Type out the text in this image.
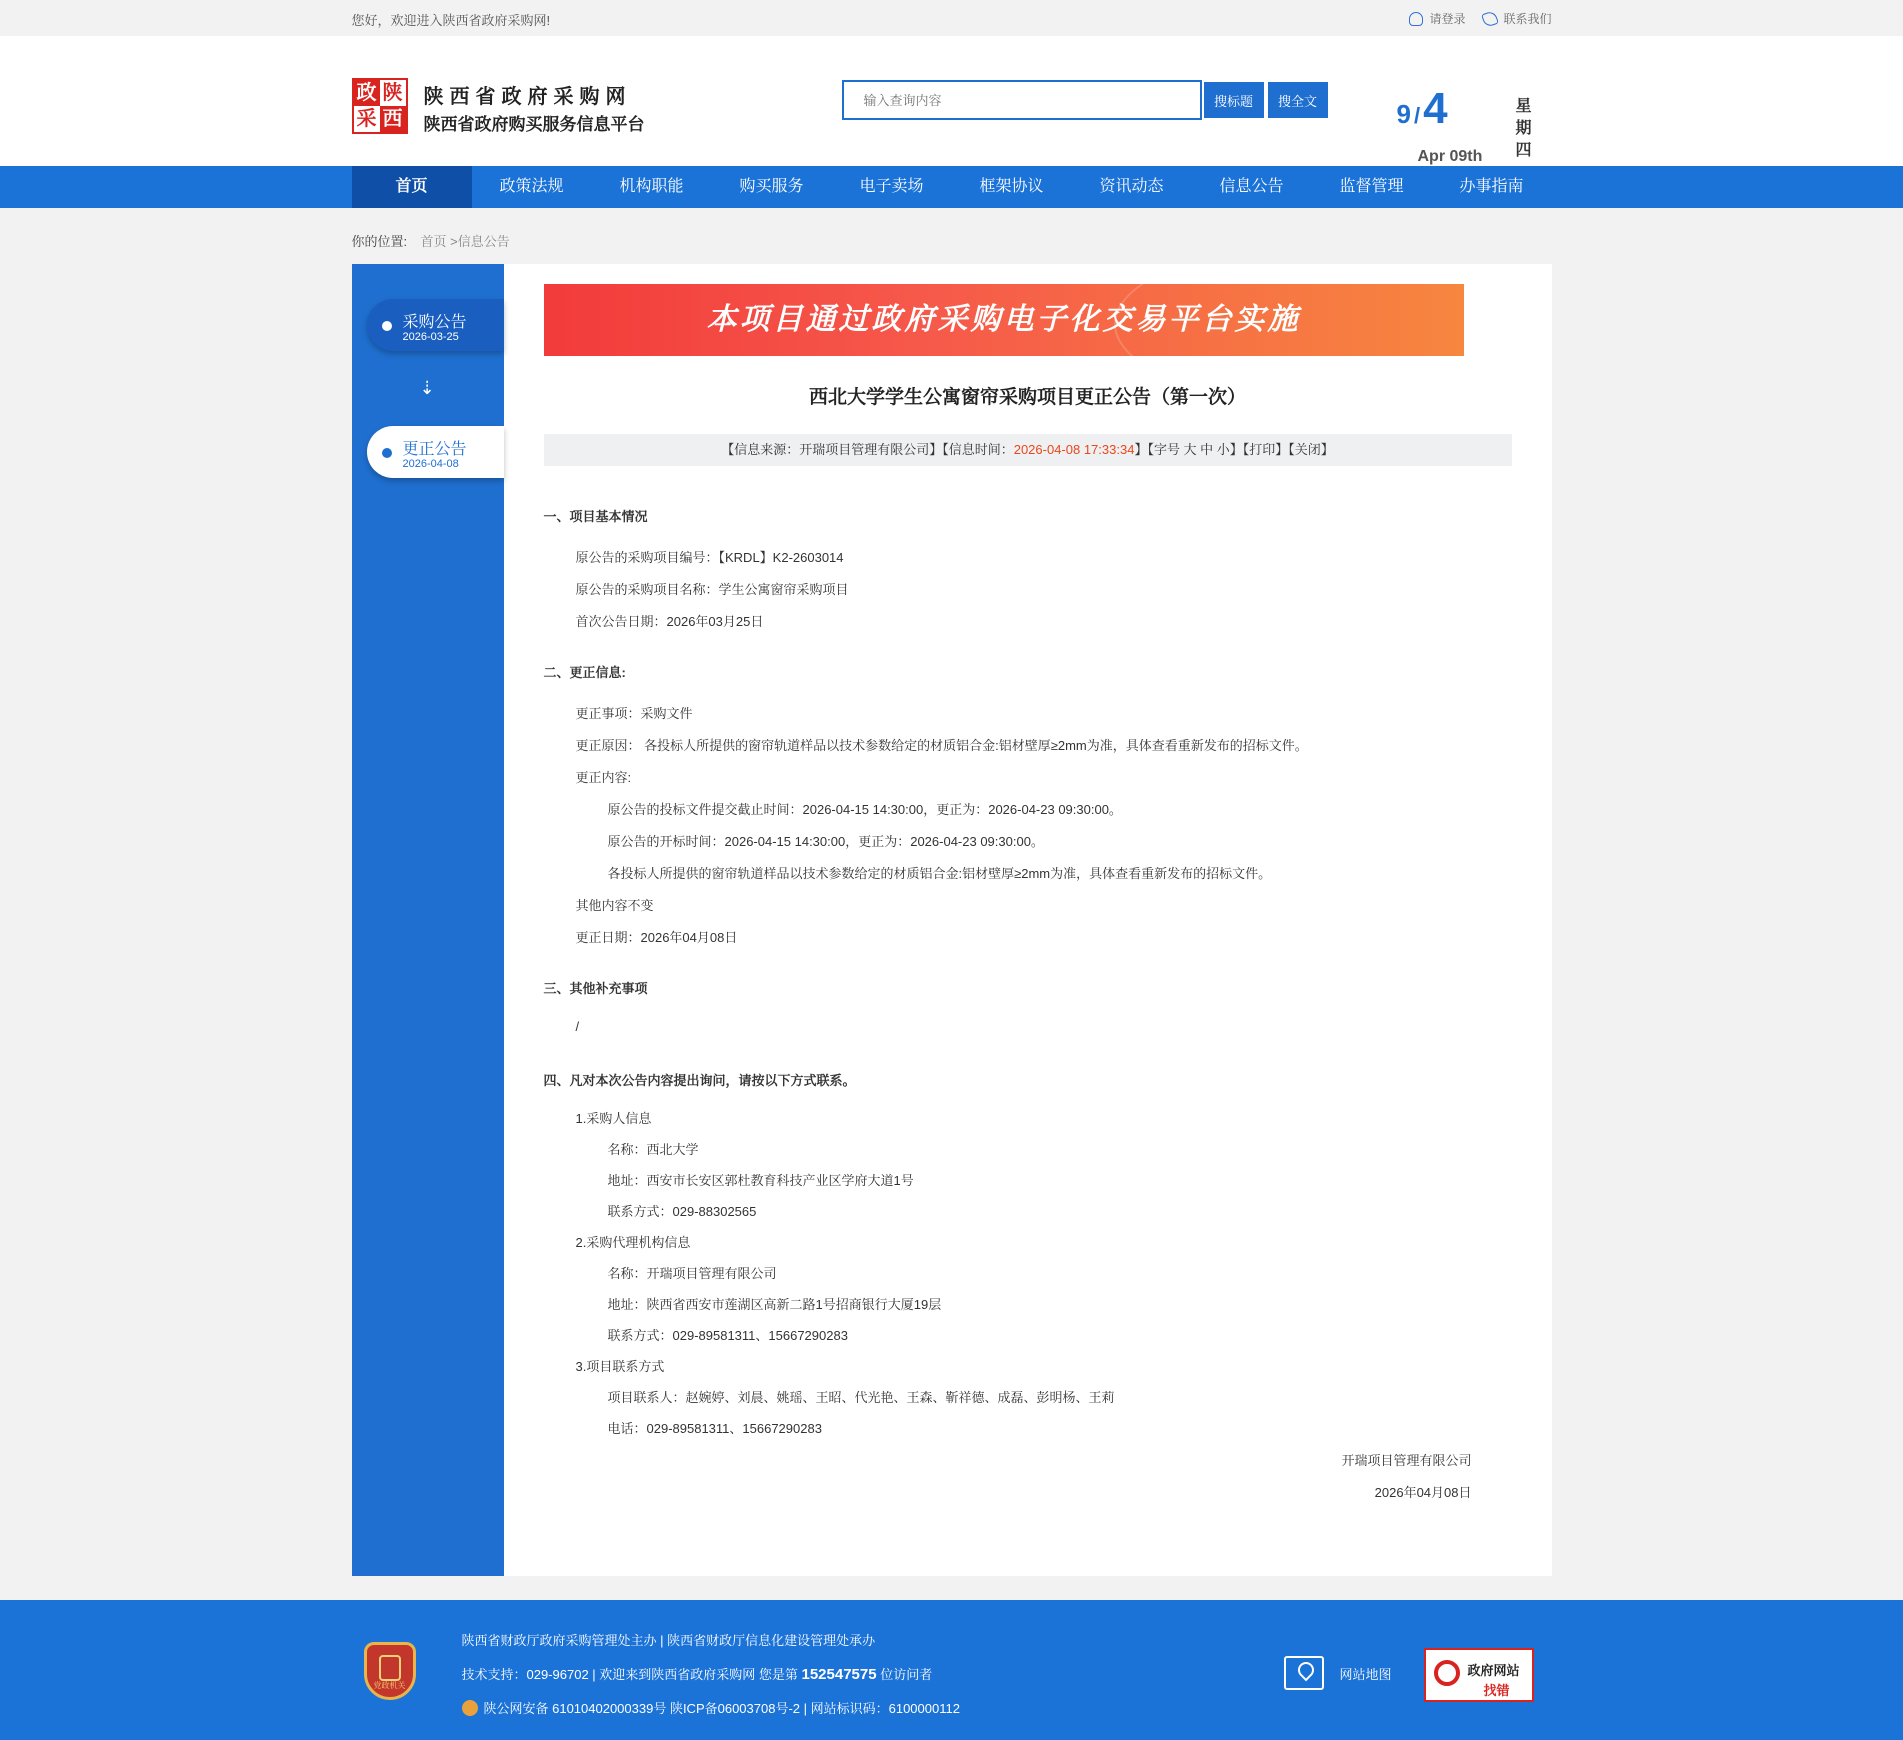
您好，欢迎进入陕西省政府采购网!	请登录	联系我们
政 陕
采 西
陕西省政府采购网
陕西省政府购买服务信息平台
输入查询内容
搜标题	搜全文	9 /4
Apr 09th
星期四
首页	政策法规	机构职能	购买服务	电子卖场	框架协议	资讯动态	信息公告	监督管理	办事指南
你的位置: 首页 >信息公告
采购公告
2026-03-25
⇣
更正公告
2026-04-08
本项目通过政府采购电子化交易平台实施
西北大学学生公寓窗帘采购项目更正公告（第一次）
【信息来源：开瑞项目管理有限公司】【信息时间：2026-04-08 17:33:34】【字号 大 中 小】【打印】【关闭】
一、项目基本情况
原公告的采购项目编号：【KRDL】K2-2603014
原公告的采购项目名称：学生公寓窗帘采购项目
首次公告日期：2026年03月25日
二、更正信息:
更正事项：采购文件
更正原因： 各投标人所提供的窗帘轨道样品以技术参数给定的材质铝合金:铝材壁厚≥2mm为准，具体查看重新发布的招标文件。
更正内容:
原公告的投标文件提交截止时间：2026-04-15 14:30:00，更正为：2026-04-23 09:30:00。
原公告的开标时间：2026-04-15 14:30:00，更正为：2026-04-23 09:30:00。
各投标人所提供的窗帘轨道样品以技术参数给定的材质铝合金:铝材壁厚≥2mm为准，具体查看重新发布的招标文件。
其他内容不变
更正日期：2026年04月08日
三、其他补充事项
/
四、凡对本次公告内容提出询问，请按以下方式联系。
1.采购人信息
名称：西北大学
地址：西安市长安区郭杜教育科技产业区学府大道1号
联系方式：029-88302565
2.采购代理机构信息
名称：开瑞项目管理有限公司
地址：陕西省西安市莲湖区高新二路1号招商银行大厦19层
联系方式：029-89581311、15667290283
3.项目联系方式
项目联系人：赵婉婷、刘晨、姚瑶、王昭、代光艳、王森、靳祥德、成磊、彭明杨、王莉
电话：029-89581311、15667290283
开瑞项目管理有限公司
2026年04月08日
党政机关
陕西省财政厅政府采购管理处主办 | 陕西省财政厅信息化建设管理处承办
技术支持：029-96702 | 欢迎来到陕西省政府采购网 您是第 152547575 位访问者
陕公网安备 61010402000339号 陕ICP备06003708号-2 | 网站标识码：6100000112
网站地图	政府网站
找错
